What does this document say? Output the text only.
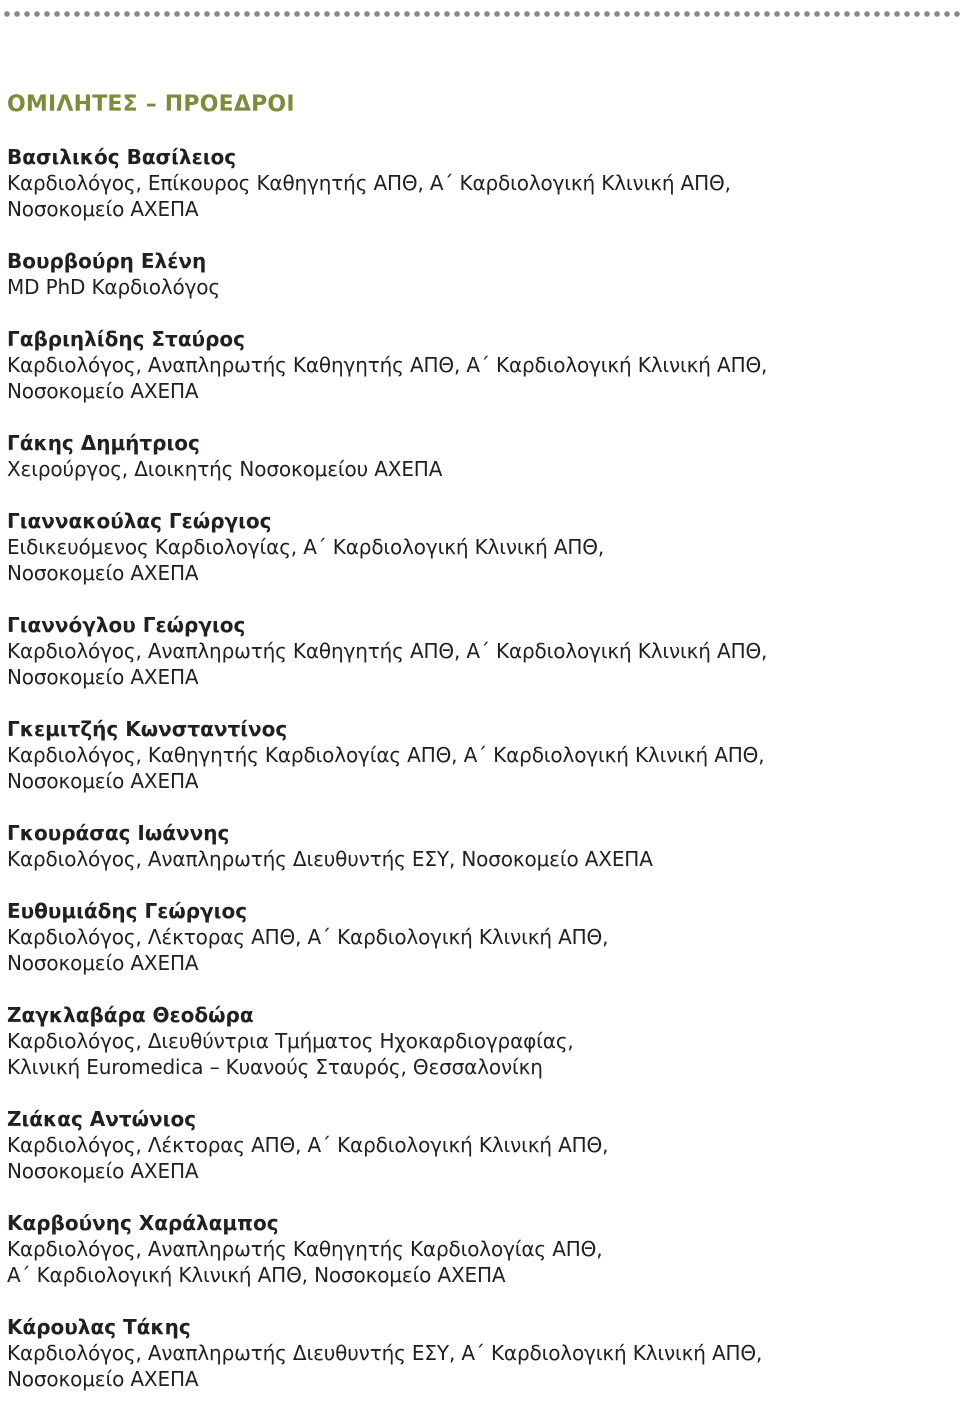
ΟΜΙΛΗΤΕΣ – ΠΡΟΕΔΡΟΙ
Βασιλικός Βασίλειος
Καρδιολόγος, Επίκουρος Καθηγητής ΑΠΘ, Α΄ Καρδιολογική Κλινική ΑΠΘ,
Νοσοκομείο ΑΧΕΠΑ
Βουρβούρη Ελένη
MD PhD Καρδιολόγος
Γαβριηλίδης Σταύρος
Καρδιολόγος, Αναπληρωτής Καθηγητής ΑΠΘ, Α΄ Καρδιολογική Κλινική ΑΠΘ,
Νοσοκομείο ΑΧΕΠΑ
Γάκης Δημήτριος
Χειρούργος, Διοικητής Νοσοκομείου ΑΧΕΠΑ
Γιαννακούλας Γεώργιος
Ειδικευόμενος Καρδιολογίας, Α΄ Καρδιολογική Κλινική ΑΠΘ,
Νοσοκομείο ΑΧΕΠΑ
Γιαννόγλου Γεώργιος
Καρδιολόγος, Αναπληρωτής Καθηγητής ΑΠΘ, Α΄ Καρδιολογική Κλινική ΑΠΘ,
Νοσοκομείο ΑΧΕΠΑ
Γκεμιτζής Κωνσταντίνος
Καρδιολόγος, Καθηγητής Καρδιολογίας ΑΠΘ, Α΄ Καρδιολογική Κλινική ΑΠΘ,
Νοσοκομείο ΑΧΕΠΑ
Γκουράσας Ιωάννης
Καρδιολόγος, Αναπληρωτής Διευθυντής ΕΣΥ, Νοσοκομείο ΑΧΕΠΑ
Ευθυμιάδης Γεώργιος
Καρδιολόγος, Λέκτορας ΑΠΘ, Α΄ Καρδιολογική Κλινική ΑΠΘ,
Νοσοκομείο ΑΧΕΠΑ
Ζαγκλαβάρα Θεοδώρα
Καρδιολόγος, Διευθύντρια Τμήματος Ηχοκαρδιογραφίας,
Κλινική Euromedica – Κυανούς Σταυρός, Θεσσαλονίκη
Ζιάκας Αντώνιος
Καρδιολόγος, Λέκτορας ΑΠΘ, Α΄ Καρδιολογική Κλινική ΑΠΘ,
Νοσοκομείο ΑΧΕΠΑ
Καρβούνης Χαράλαμπος
Καρδιολόγος, Αναπληρωτής Καθηγητής Καρδιολογίας ΑΠΘ,
Α΄ Καρδιολογική Κλινική ΑΠΘ, Νοσοκομείο ΑΧΕΠΑ
Κάρουλας Τάκης
Καρδιολόγος, Αναπληρωτής Διευθυντής ΕΣΥ, Α΄ Καρδιολογική Κλινική ΑΠΘ,
Νοσοκομείο ΑΧΕΠΑ
